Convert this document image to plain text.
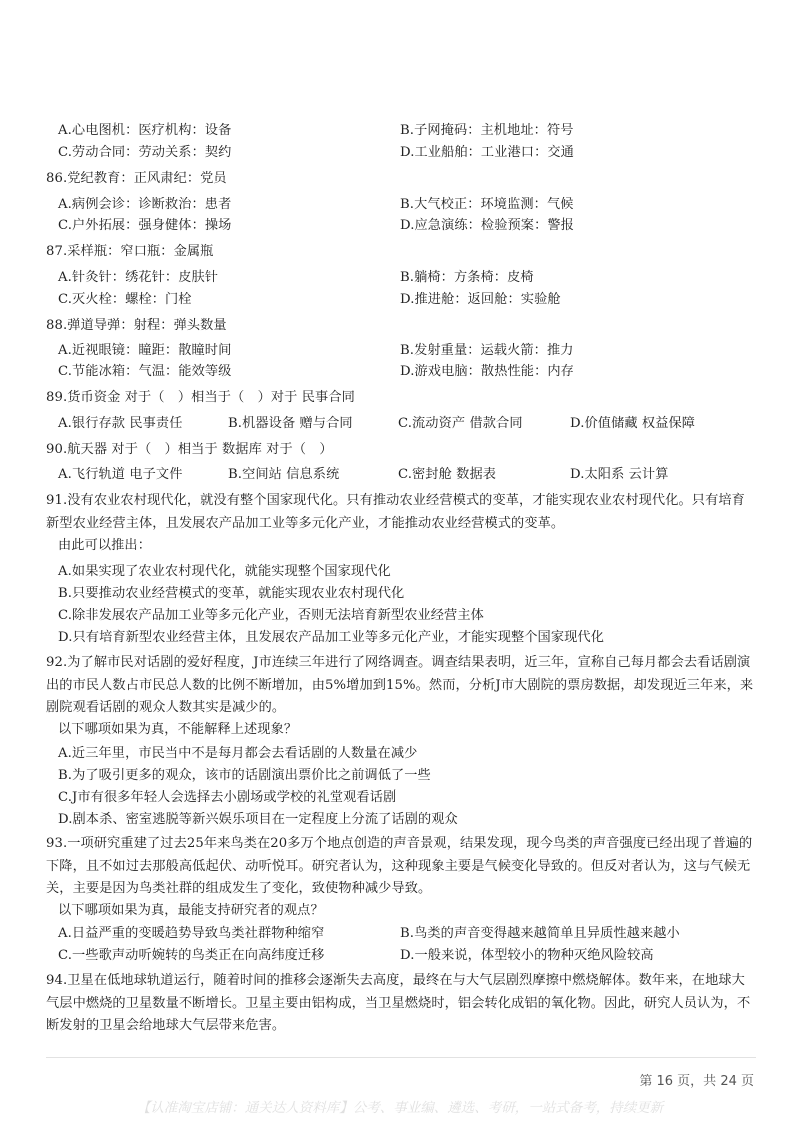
A.心电图机：医疗机构：设备	B.子网掩码：主机地址：符号
C.劳动合同：劳动关系：契约	D.工业船舶：工业港口：交通
86.党纪教育：正风肃纪：党员
A.病例会诊：诊断救治：患者	B.大气校正：环境监测：气候
C.户外拓展：强身健体：操场	D.应急演练：检验预案：警报
87.采样瓶：窄口瓶：金属瓶
A.针灸针：绣花针：皮肤针	B.躺椅：方条椅：皮椅
C.灭火栓：螺栓：门栓	D.推进舱：返回舱：实验舱
88.弹道导弹：射程：弹头数量
A.近视眼镜：瞳距：散瞳时间	B.发射重量：运载火箭：推力
C.节能冰箱：气温：能效等级	D.游戏电脑：散热性能：内存
89.货币资金 对于（　）相当于（　）对于 民事合同
A.银行存款 民事责任	B.机器设备 赠与合同	C.流动资产 借款合同	D.价值储藏 权益保障
90.航天器 对于（　）相当于 数据库 对于（　）
A.飞行轨道 电子文件	B.空间站 信息系统	C.密封舱 数据表	D.太阳系 云计算
91.没有农业农村现代化，就没有整个国家现代化。只有推动农业经营模式的变革，才能实现农业农村现代化。只有培育新型农业经营主体，且发展农产品加工业等多元化产业，才能推动农业经营模式的变革。
由此可以推出：
A.如果实现了农业农村现代化，就能实现整个国家现代化
B.只要推动农业经营模式的变革，就能实现农业农村现代化
C.除非发展农产品加工业等多元化产业，否则无法培育新型农业经营主体
D.只有培育新型农业经营主体，且发展农产品加工业等多元化产业，才能实现整个国家现代化
92.为了解市民对话剧的爱好程度，J市连续三年进行了网络调查。调查结果表明，近三年，宣称自己每月都会去看话剧演出的市民人数占市民总人数的比例不断增加，由5%增加到15%。然而，分析J市大剧院的票房数据，却发现近三年来，来剧院观看话剧的观众人数其实是减少的。
以下哪项如果为真，不能解释上述现象？
A.近三年里，市民当中不是每月都会去看话剧的人数量在减少
B.为了吸引更多的观众，该市的话剧演出票价比之前调低了一些
C.J市有很多年轻人会选择去小剧场或学校的礼堂观看话剧
D.剧本杀、密室逃脱等新兴娱乐项目在一定程度上分流了话剧的观众
93.一项研究重建了过去25年来鸟类在20多万个地点创造的声音景观，结果发现，现今鸟类的声音强度已经出现了普遍的下降，且不如过去那般高低起伏、动听悦耳。研究者认为，这种现象主要是气候变化导致的。但反对者认为，这与气候无关，主要是因为鸟类社群的组成发生了变化，致使物种减少导致。
以下哪项如果为真，最能支持研究者的观点？
A.日益严重的变暖趋势导致鸟类社群物种缩窄	B.鸟类的声音变得越来越简单且异质性越来越小
C.一些歌声动听婉转的鸟类正在向高纬度迁移	D.一般来说，体型较小的物种灭绝风险较高
94.卫星在低地球轨道运行，随着时间的推移会逐渐失去高度，最终在与大气层剧烈摩擦中燃烧解体。数年来，在地球大气层中燃烧的卫星数量不断增长。卫星主要由铝构成，当卫星燃烧时，铝会转化成铝的氧化物。因此，研究人员认为，不断发射的卫星会给地球大气层带来危害。
第 16 页，共 24 页
【认准淘宝店铺：通关达人资料库】公考、事业编、遴选、考研，一站式备考，持续更新
